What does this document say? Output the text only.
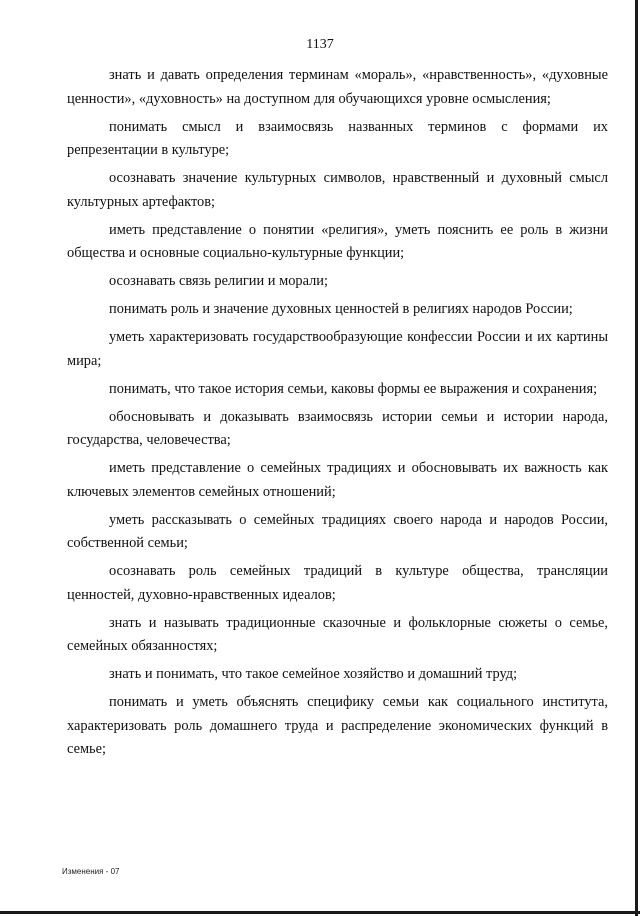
1137

знать и давать определения терминам «мораль», «нравственность», «духовные ценности», «духовность» на доступном для обучающихся уровне осмысления;

понимать смысл и взаимосвязь названных терминов с формами их репрезентации в культуре;

осознавать значение культурных символов, нравственный и духовный смысл культурных артефактов;

иметь представление о понятии «религия», уметь пояснить ее роль в жизни общества и основные социально-культурные функции;

осознавать связь религии и морали;

понимать роль и значение духовных ценностей в религиях народов России;

уметь характеризовать государствообразующие конфессии России и их картины мира;

понимать, что такое история семьи, каковы формы ее выражения и сохранения;

обосновывать и доказывать взаимосвязь истории семьи и истории народа, государства, человечества;

иметь представление о семейных традициях и обосновывать их важность как ключевых элементов семейных отношений;

уметь рассказывать о семейных традициях своего народа и народов России, собственной семьи;

осознавать роль семейных традиций в культуре общества, трансляции ценностей, духовно-нравственных идеалов;

знать и называть традиционные сказочные и фольклорные сюжеты о семье, семейных обязанностях;

знать и понимать, что такое семейное хозяйство и домашний труд;

понимать и уметь объяснять специфику семьи как социального института, характеризовать роль домашнего труда и распределение экономических функций в семье;

Изменения - 07
